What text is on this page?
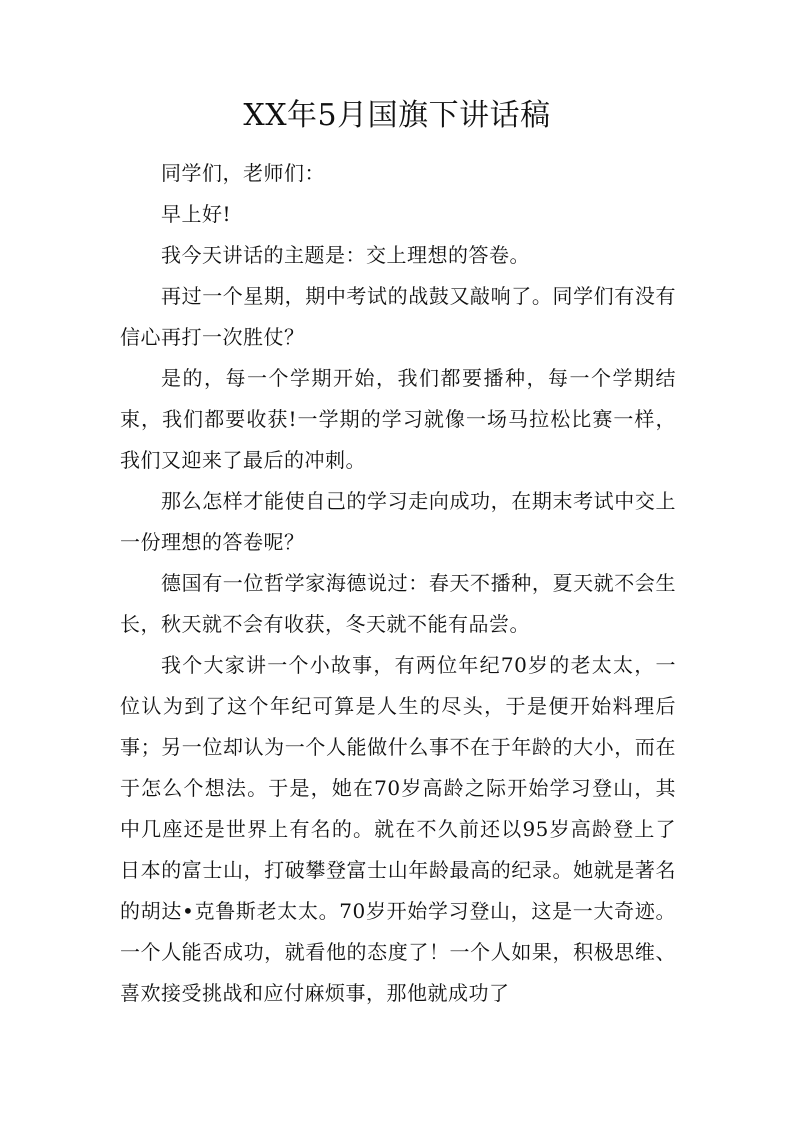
XX年5月国旗下讲话稿

同学们，老师们：

早上好!

我今天讲话的主题是：交上理想的答卷。

再过一个星期，期中考试的战鼓又敲响了。同学们有没有信心再打一次胜仗？

是的，每一个学期开始，我们都要播种，每一个学期结束，我们都要收获!一学期的学习就像一场马拉松比赛一样，我们又迎来了最后的冲刺。

那么怎样才能使自己的学习走向成功，在期末考试中交上一份理想的答卷呢？

德国有一位哲学家海德说过：春天不播种，夏天就不会生长，秋天就不会有收获，冬天就不能有品尝。

我个大家讲一个小故事，有两位年纪70岁的老太太，一位认为到了这个年纪可算是人生的尽头，于是便开始料理后事；另一位却认为一个人能做什么事不在于年龄的大小，而在于怎么个想法。于是，她在70岁高龄之际开始学习登山，其中几座还是世界上有名的。就在不久前还以95岁高龄登上了日本的富士山，打破攀登富士山年龄最高的纪录。她就是著名的胡达•克鲁斯老太太。70岁开始学习登山，这是一大奇迹。一个人能否成功，就看他的态度了！一个人如果，积极思维、喜欢接受挑战和应付麻烦事，那他就成功了
